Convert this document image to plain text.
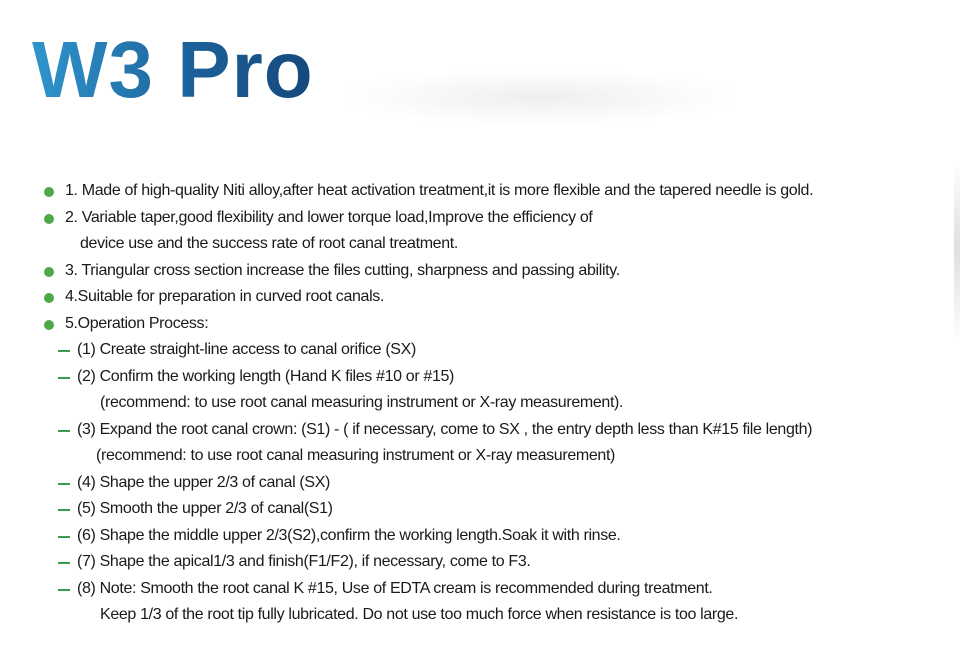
W3 Pro
1. Made of high-quality Niti alloy,after heat activation treatment,it is more flexible and the tapered needle is gold.
2. Variable taper,good flexibility and lower torque load,Improve the efficiency of
device use and the success rate of root canal treatment.
3. Triangular cross section increase the files cutting, sharpness and passing ability.
4.Suitable for preparation in curved root canals.
5.Operation Process:
(1) Create straight-line access to canal orifice (SX)
(2) Confirm the working length (Hand K files #10 or #15)
(recommend: to use root canal measuring instrument or X-ray measurement).
(3) Expand the root canal crown: (S1) - ( if necessary, come to SX , the entry depth less than K#15 file length)
(recommend: to use root canal measuring instrument or X-ray measurement)
(4) Shape the upper 2/3 of canal (SX)
(5) Smooth the upper 2/3 of canal(S1)
(6) Shape the middle upper 2/3(S2),confirm the working length.Soak it with rinse.
(7) Shape the apical1/3 and finish(F1/F2), if necessary, come to F3.
(8) Note: Smooth the root canal K #15, Use of EDTA cream is recommended during treatment.
Keep 1/3 of the root tip fully lubricated. Do not use too much force when resistance is too large.
